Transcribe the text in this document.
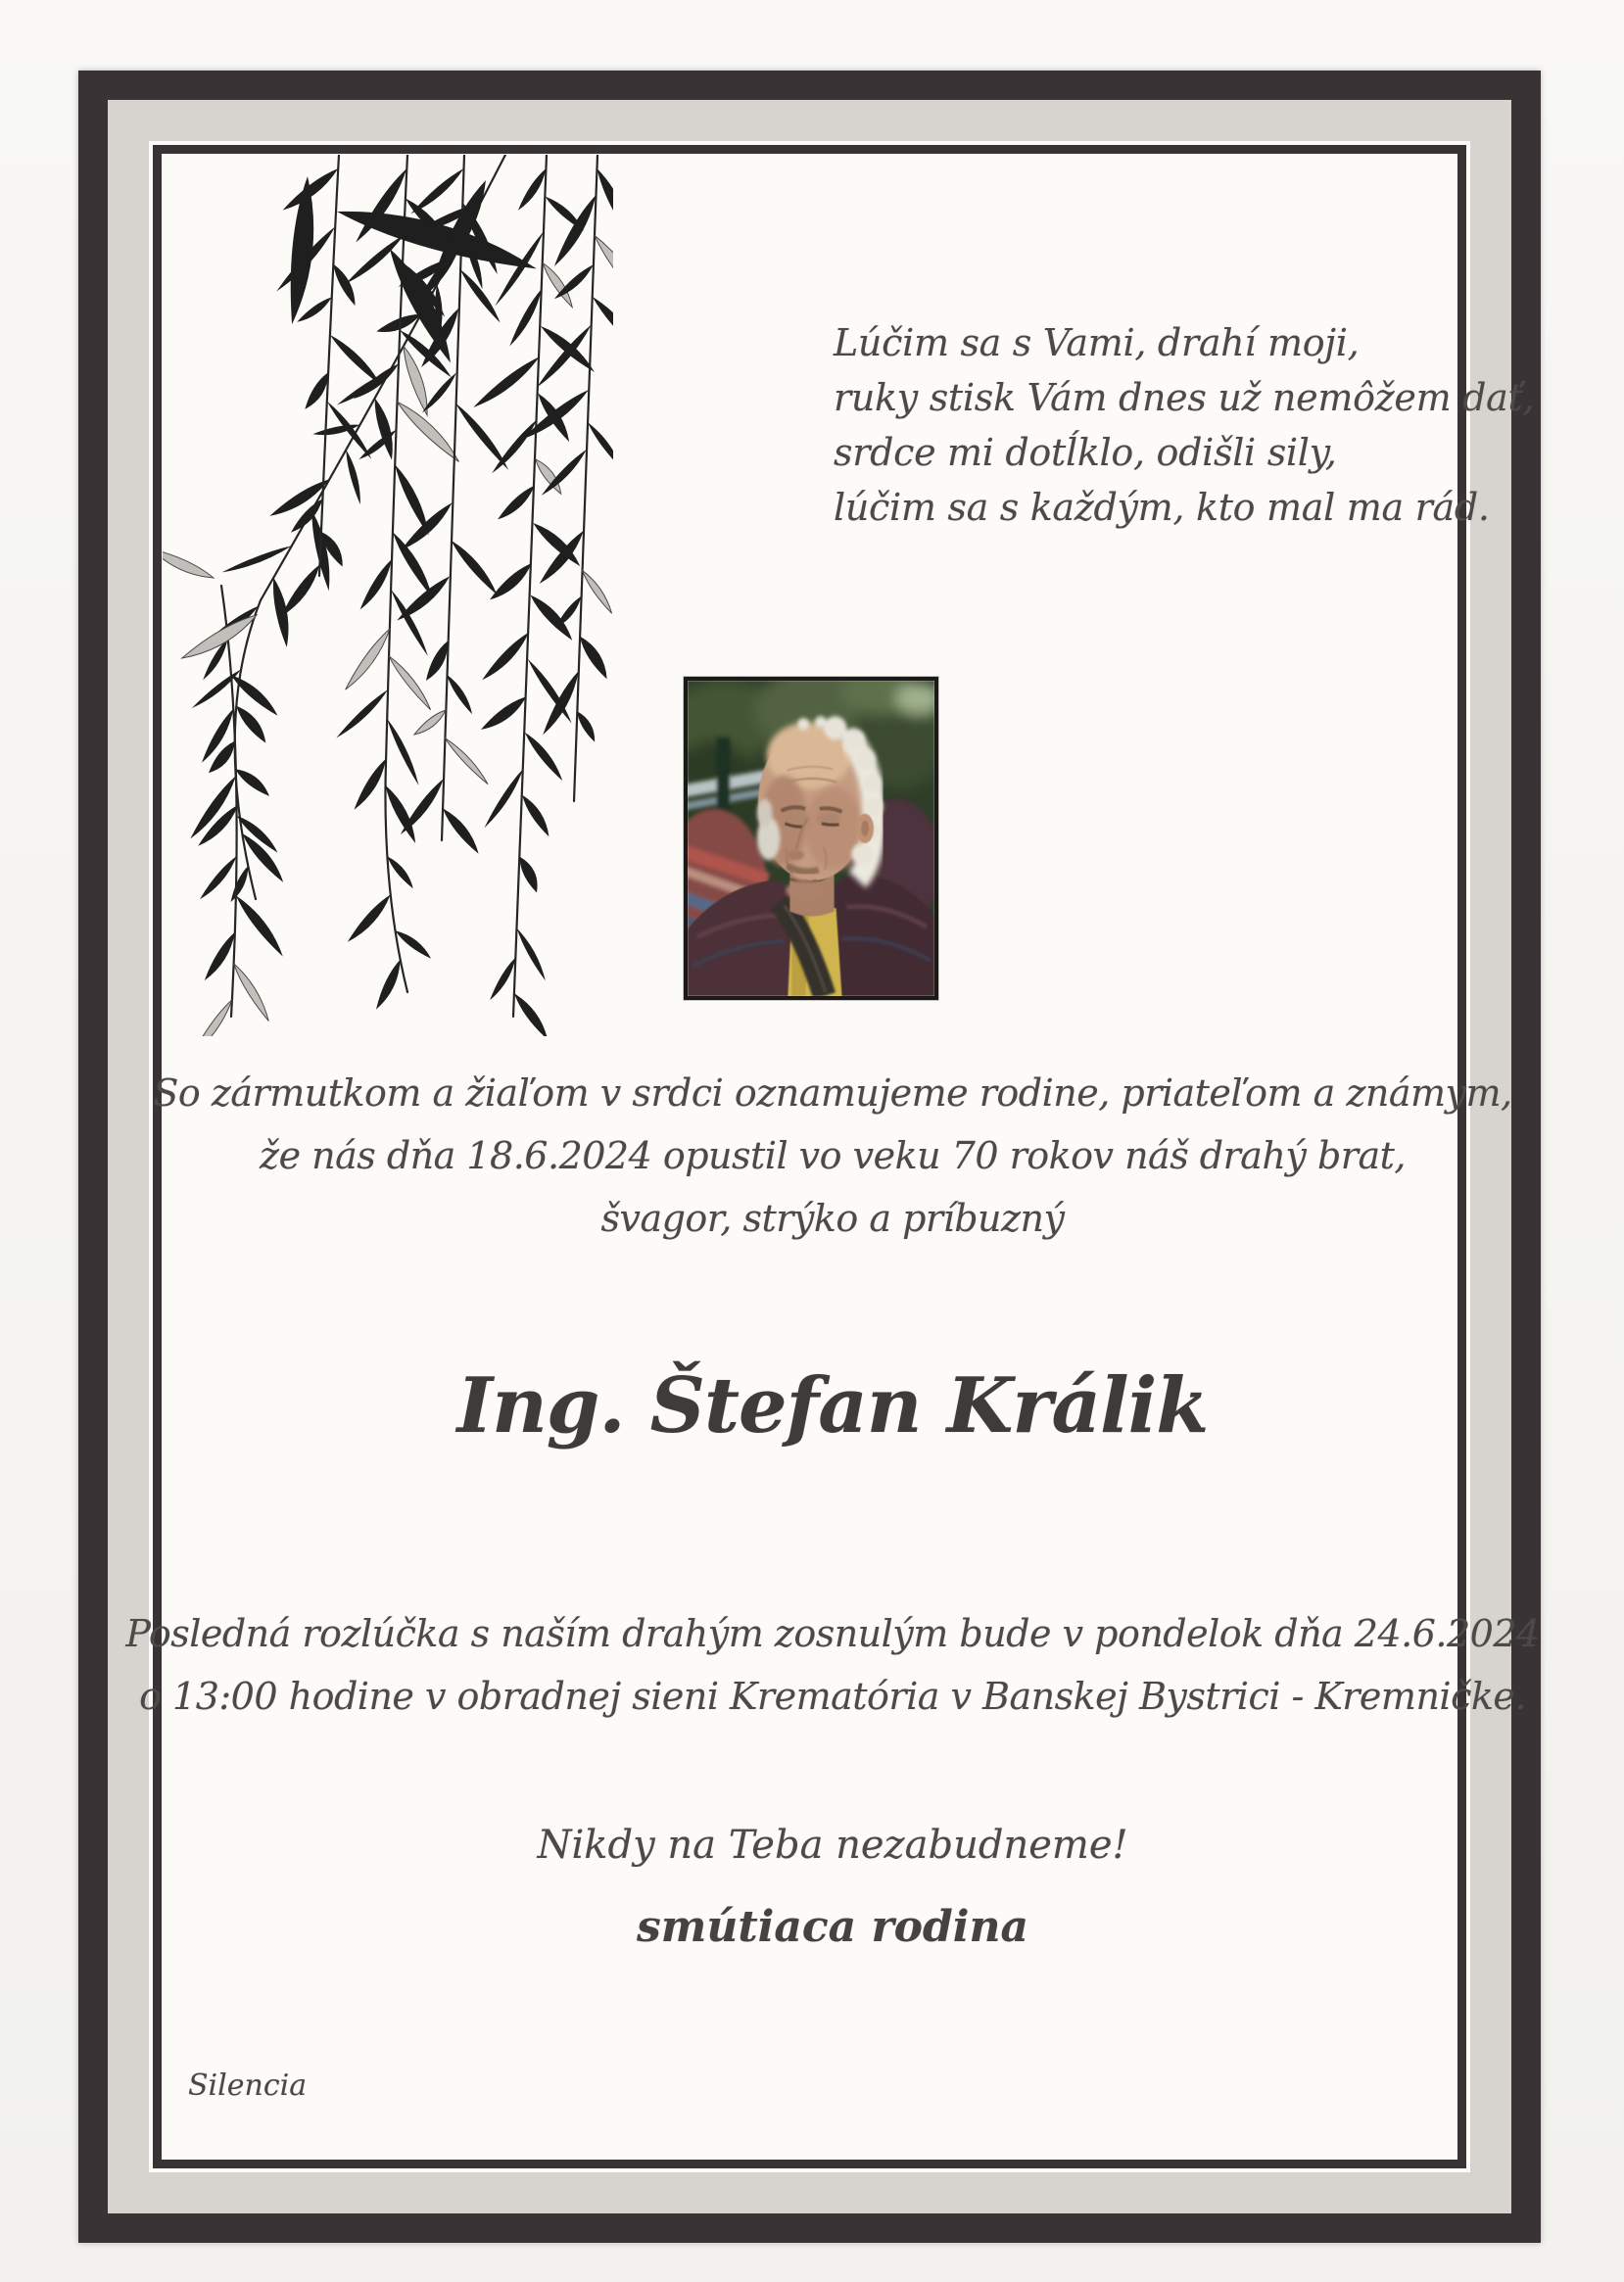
Lúčim sa s Vami, drahí moji,
ruky stisk Vám dnes už nemôžem dať,
srdce mi dotĺklo, odišli sily,
lúčim sa s každým, kto mal ma rád.
So zármutkom a žiaľom v srdci oznamujeme rodine, priateľom a známym,
že nás dňa 18.6.2024 opustil vo veku 70 rokov náš drahý brat,
švagor, strýko a príbuzný
Ing. Štefan Králik
Posledná rozlúčka s naším drahým zosnulým bude v pondelok dňa 24.6.2024
o 13:00 hodine v obradnej sieni Krematória v Banskej Bystrici - Kremničke.
Nikdy na Teba nezabudneme!
smútiaca rodina
Silencia
